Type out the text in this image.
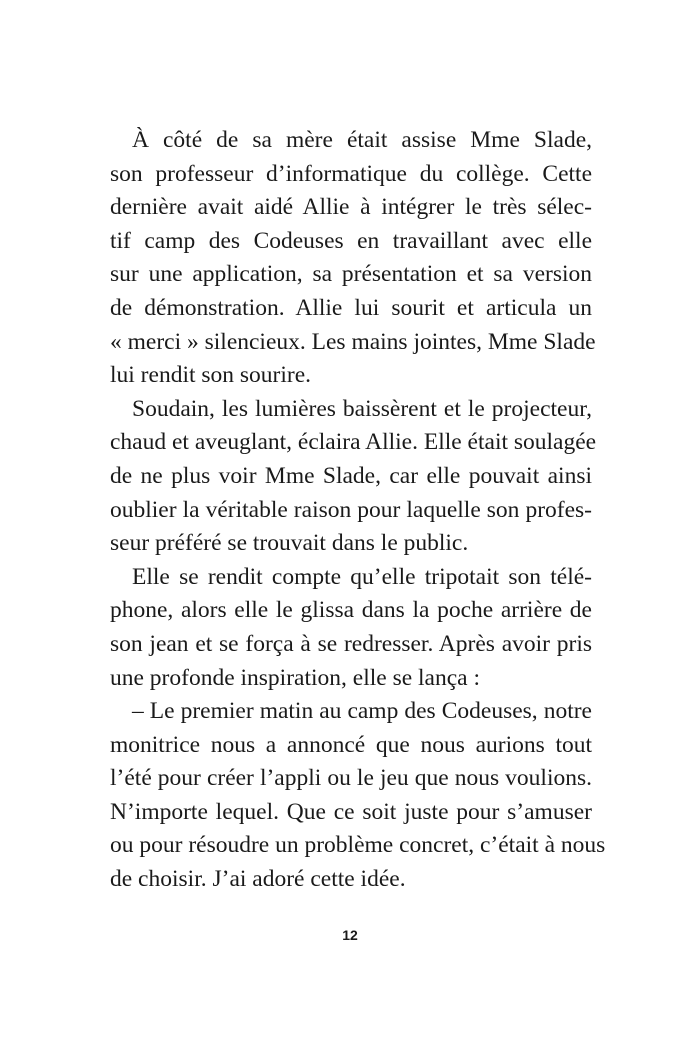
À côté de sa mère était assise Mme Slade,
son professeur d’informatique du collège. Cette
dernière avait aidé Allie à intégrer le très sélec-
tif camp des Codeuses en travaillant avec elle
sur une application, sa présentation et sa version
de démonstration. Allie lui sourit et articula un
« merci » silencieux. Les mains jointes, Mme Slade
lui rendit son sourire.
Soudain, les lumières baissèrent et le projecteur,
chaud et aveuglant, éclaira Allie. Elle était soulagée
de ne plus voir Mme Slade, car elle pouvait ainsi
oublier la véritable raison pour laquelle son profes-
seur préféré se trouvait dans le public.
Elle se rendit compte qu’elle tripotait son télé-
phone, alors elle le glissa dans la poche arrière de
son jean et se força à se redresser. Après avoir pris
une profonde inspiration, elle se lança :
– Le premier matin au camp des Codeuses, notre
monitrice nous a annoncé que nous aurions tout
l’été pour créer l’appli ou le jeu que nous voulions.
N’importe lequel. Que ce soit juste pour s’amuser
ou pour résoudre un problème concret, c’était à nous
de choisir. J’ai adoré cette idée.
12
